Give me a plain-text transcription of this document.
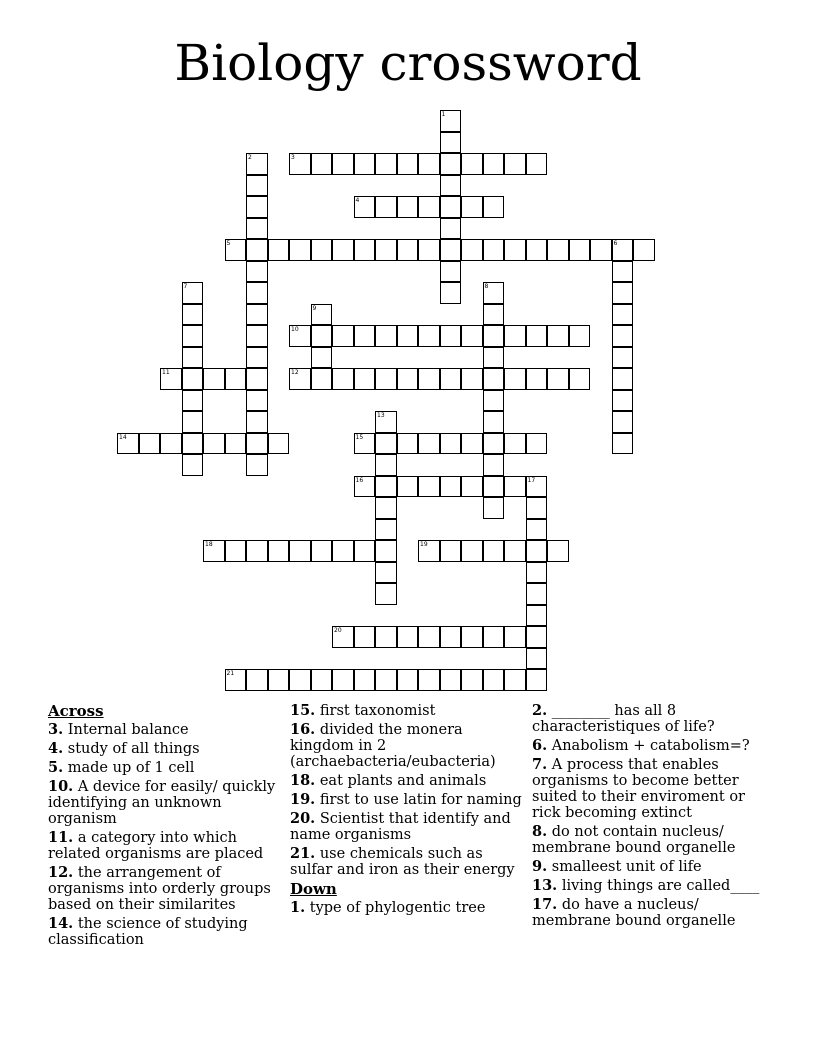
Biology crossword
1
2	3
4
5	6
7	8
9
10
11	12
13
14	15
16	17
18	19
20
21
Across
3. Internal balance
4. study of all things
5. made up of 1 cell
10. A device for easily/ quickly identifying an unknown organism
11. a category into which related organisms are placed
12. the arrangement of organisms into orderly groups based on their similarites
14. the science of studying classification
15. first taxonomist
16. divided the monera kingdom in 2 (archaebacteria/eubacteria)
18. eat plants and animals
19. first to use latin for naming
20. Scientist that identify and name organisms
21. use chemicals such as sulfar and iron as their energy
Down
1. type of phylogentic tree
2. ________ has all 8 characteristiques of life?
6. Anabolism + catabolism=?
7. A process that enables organisms to become better suited to their enviroment or rick becoming extinct
8. do not contain nucleus/ membrane bound organelle
9. smalleest unit of life
13. living things are called____
17. do have a nucleus/ membrane bound organelle
